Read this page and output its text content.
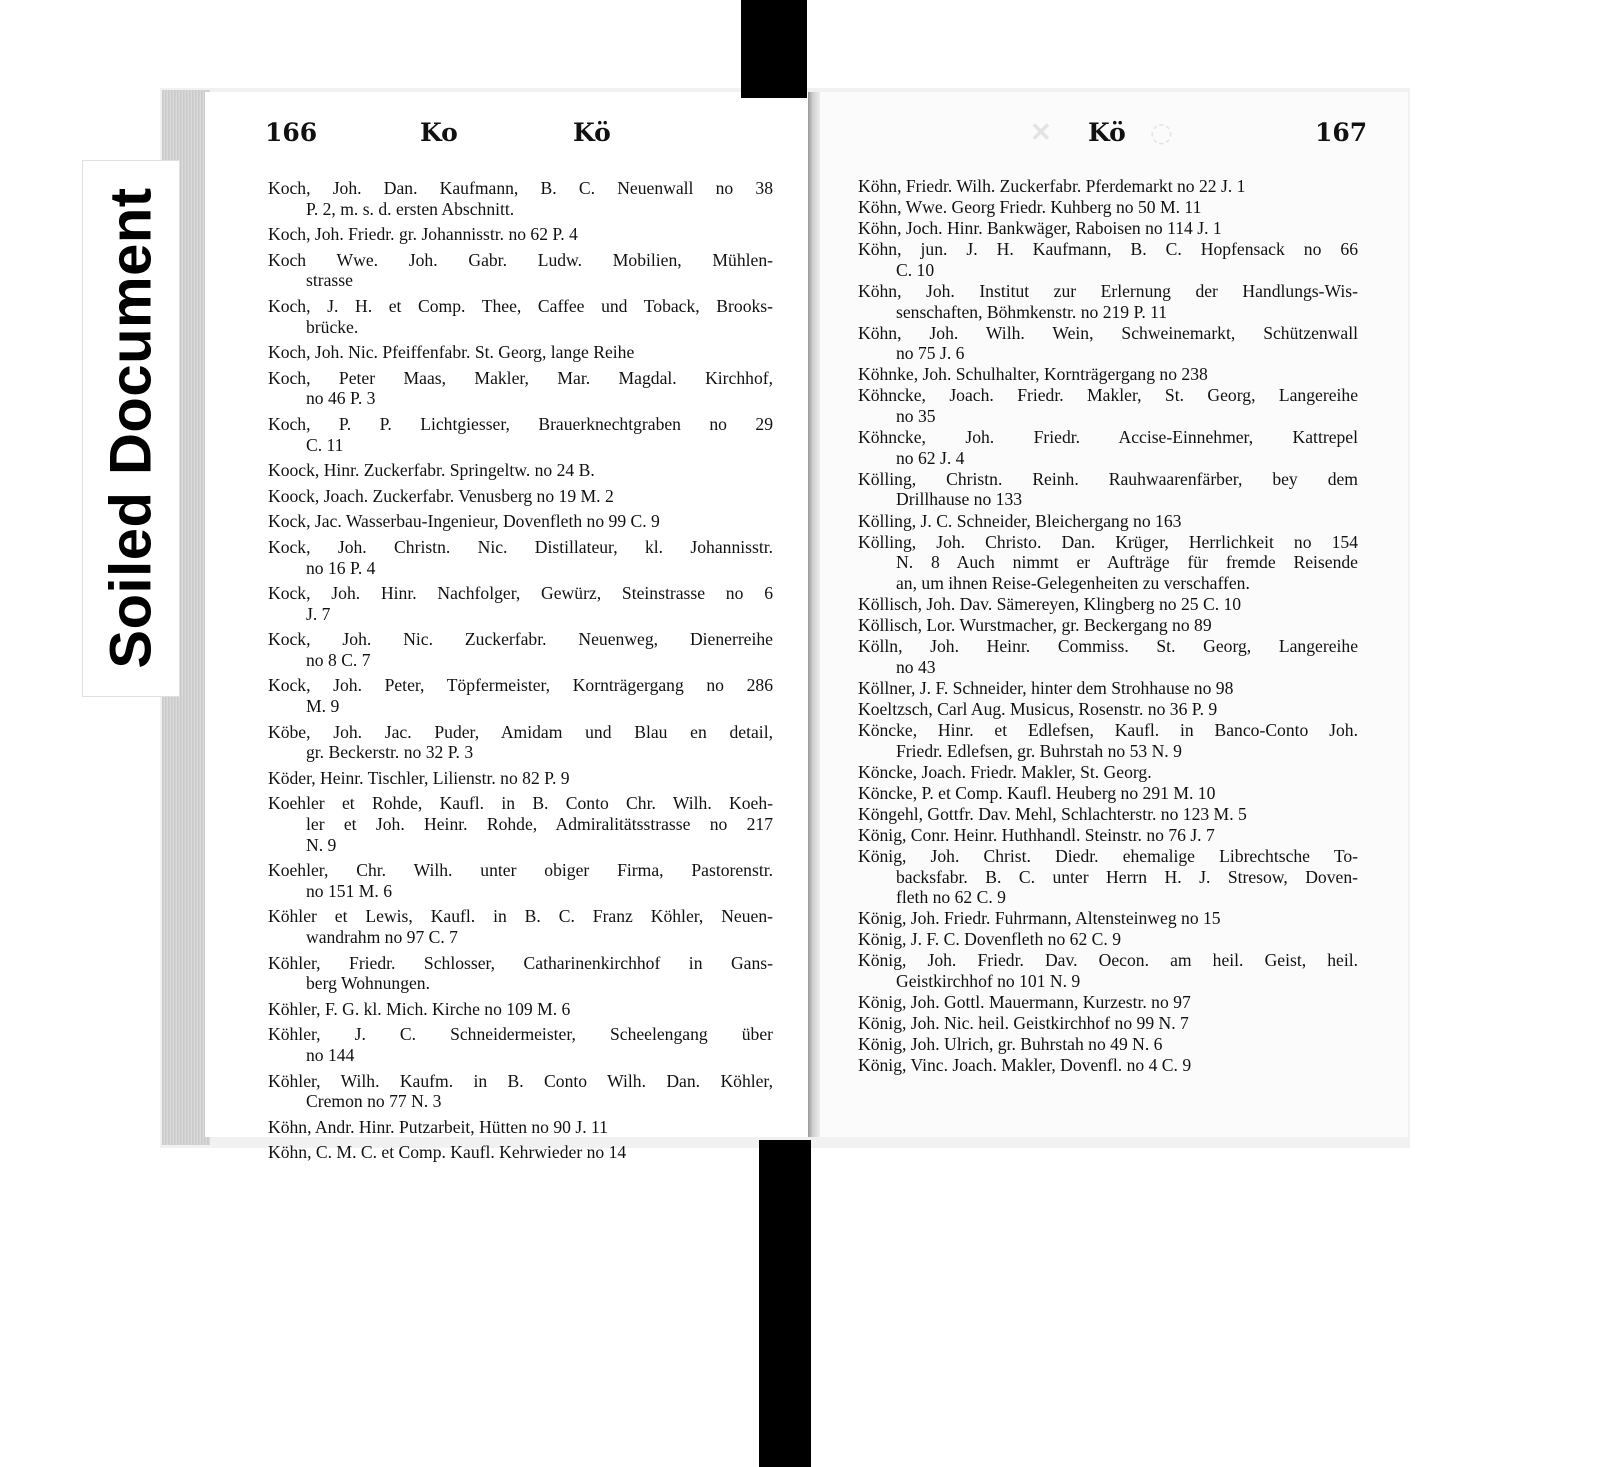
Soiled Document
✕	◌
166	Ko	Kö	Kö	167
Koch, Joh. Dan. Kaufmann, B. C. Neuenwall no 38
P. 2, m. s. d. ersten Abschnitt.
Koch, Joh. Friedr. gr. Johannisstr. no 62 P. 4
Koch Wwe. Joh. Gabr. Ludw. Mobilien, Mühlen-
strasse
Koch, J. H. et Comp. Thee, Caffee und Toback, Brooks-
brücke.
Koch, Joh. Nic. Pfeiffenfabr. St. Georg, lange Reihe
Koch, Peter Maas, Makler, Mar. Magdal. Kirchhof,
no 46 P. 3
Koch, P. P. Lichtgiesser, Brauerknechtgraben no 29
C. 11
Koock, Hinr. Zuckerfabr. Springeltw. no 24 B.
Koock, Joach. Zuckerfabr. Venusberg no 19 M. 2
Kock, Jac. Wasserbau-Ingenieur, Dovenfleth no 99 C. 9
Kock, Joh. Christn. Nic. Distillateur, kl. Johannisstr.
no 16 P. 4
Kock, Joh. Hinr. Nachfolger, Gewürz, Steinstrasse no 6
J. 7
Kock, Joh. Nic. Zuckerfabr. Neuenweg, Dienerreihe
no 8 C. 7
Kock, Joh. Peter, Töpfermeister, Kornträgergang no 286
M. 9
Köbe, Joh. Jac. Puder, Amidam und Blau en detail,
gr. Beckerstr. no 32 P. 3
Köder, Heinr. Tischler, Lilienstr. no 82 P. 9
Koehler et Rohde, Kaufl. in B. Conto Chr. Wilh. Koeh-
ler et Joh. Heinr. Rohde, Admiralitätsstrasse no 217
N. 9
Koehler, Chr. Wilh. unter obiger Firma, Pastorenstr.
no 151 M. 6
Köhler et Lewis, Kaufl. in B. C. Franz Köhler, Neuen-
wandrahm no 97 C. 7
Köhler, Friedr. Schlosser, Catharinenkirchhof in Gans-
berg Wohnungen.
Köhler, F. G. kl. Mich. Kirche no 109 M. 6
Köhler, J. C. Schneidermeister, Scheelengang über
no 144
Köhler, Wilh. Kaufm. in B. Conto Wilh. Dan. Köhler,
Cremon no 77 N. 3
Köhn, Andr. Hinr. Putzarbeit, Hütten no 90 J. 11
Köhn, C. M. C. et Comp. Kaufl. Kehrwieder no 14
Köhn, Friedr. Wilh. Zuckerfabr. Pferdemarkt no 22 J. 1
Köhn, Wwe. Georg Friedr. Kuhberg no 50 M. 11
Köhn, Joch. Hinr. Bankwäger, Raboisen no 114 J. 1
Köhn, jun. J. H. Kaufmann, B. C. Hopfensack no 66
C. 10
Köhn, Joh. Institut zur Erlernung der Handlungs-Wis-
senschaften, Böhmkenstr. no 219 P. 11
Köhn, Joh. Wilh. Wein, Schweinemarkt, Schützenwall
no 75 J. 6
Köhnke, Joh. Schulhalter, Kornträgergang no 238
Köhncke, Joach. Friedr. Makler, St. Georg, Langereihe
no 35
Köhncke, Joh. Friedr. Accise-Einnehmer, Kattrepel
no 62 J. 4
Kölling, Christn. Reinh. Rauhwaarenfärber, bey dem
Drillhause no 133
Kölling, J. C. Schneider, Bleichergang no 163
Kölling, Joh. Christo. Dan. Krüger, Herrlichkeit no 154
N. 8 Auch nimmt er Aufträge für fremde Reisende
an, um ihnen Reise-Gelegenheiten zu verschaffen.
Köllisch, Joh. Dav. Sämereyen, Klingberg no 25 C. 10
Köllisch, Lor. Wurstmacher, gr. Beckergang no 89
Kölln, Joh. Heinr. Commiss. St. Georg, Langereihe
no 43
Köllner, J. F. Schneider, hinter dem Strohhause no 98
Koeltzsch, Carl Aug. Musicus, Rosenstr. no 36 P. 9
Köncke, Hinr. et Edlefsen, Kaufl. in Banco-Conto Joh.
Friedr. Edlefsen, gr. Buhrstah no 53 N. 9
Köncke, Joach. Friedr. Makler, St. Georg.
Köncke, P. et Comp. Kaufl. Heuberg no 291 M. 10
Köngehl, Gottfr. Dav. Mehl, Schlachterstr. no 123 M. 5
König, Conr. Heinr. Huthhandl. Steinstr. no 76 J. 7
König, Joh. Christ. Diedr. ehemalige Librechtsche To-
backsfabr. B. C. unter Herrn H. J. Stresow, Doven-
fleth no 62 C. 9
König, Joh. Friedr. Fuhrmann, Altensteinweg no 15
König, J. F. C. Dovenfleth no 62 C. 9
König, Joh. Friedr. Dav. Oecon. am heil. Geist, heil.
Geistkirchhof no 101 N. 9
König, Joh. Gottl. Mauermann, Kurzestr. no 97
König, Joh. Nic. heil. Geistkirchhof no 99 N. 7
König, Joh. Ulrich, gr. Buhrstah no 49 N. 6
König, Vinc. Joach. Makler, Dovenfl. no 4 C. 9
